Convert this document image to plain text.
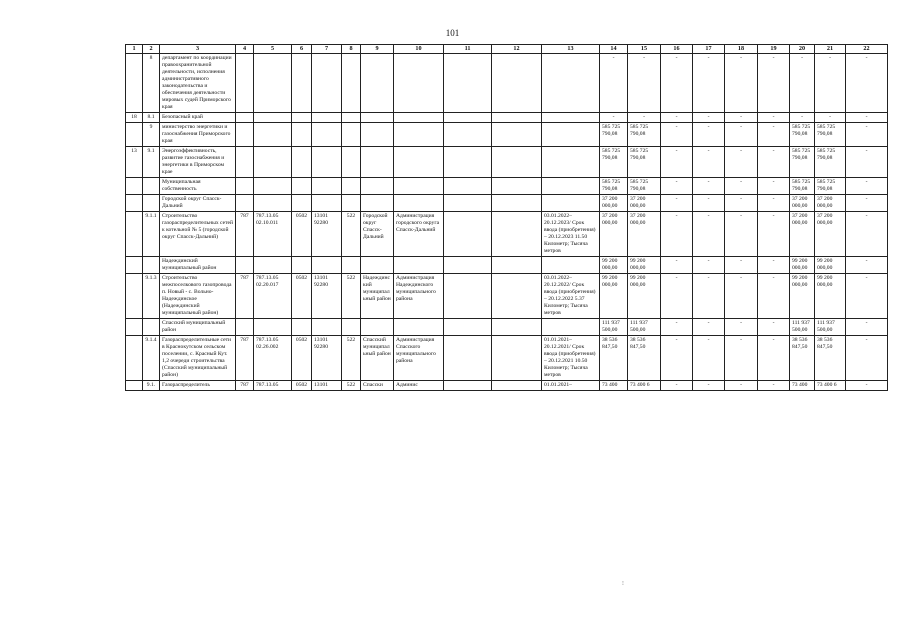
101
1	2	3	4	5	6	7	8	9	10	11	12	13	14	15	16	17	18	19	20	21	22
	8	департамент по координации правоохранительной деятельности, исполнения административного законодательства и обеспечения деятельности мировых судей Приморского края											-	-	-	-	-	-	-	-	-
18	8.1	Безопасный край											-	-	-	-	-	-	-	-	-
	9	министерство энергетики и газоснабжения Приморского края											585 725 790,08	585 725 790,08	-	-	-	-	585 725 790,08	585 725 790,08	-
13	9.1	Энергоэффективность, развитие газоснабжения и энергетики в Приморском крае											585 725 790,08	585 725 790,08	-	-	-	-	585 725 790,08	585 725 790,08	-
		Муниципальная собственность											585 725 790,08	585 725 790,08	-	-	-	-	585 725 790,08	585 725 790,08	-
		Городской округ Спасск-Дальний											37 200 000,00	37 200 000,00	-	-	-	-	37 200 000,00	37 200 000,00	-
	9.1.1	Строительство газораспределительных сетей к котельной № 5 (городской округ Спасск-Дальний)	787	787.13.05 02.10.011	0502	13101 92280	522	Городской округ Спасск-Дальний	Администрация городского округа Спасск-Дальний			03.01.2022–20.12.2023/ Срок ввода (приобретения) – 20.12.2023 11.50 Километр; Тысяча метров	37 200 000,00	37 200 000,00	-	-	-	-	37 200 000,00	37 200 000,00	-
		Надеждинский муниципальный район											99 200 000,00	99 200 000,00	-	-	-	-	99 200 000,00	99 200 000,00	-
	9.1.3	Строительство межпоселкового газопровода п. Новый - с. Вольно-Надеждинское (Надеждинский муниципальный район)	787	787.13.05 02.20.017	0502	13101 92280	522	Надеждинский муниципальный район	Администрация Надеждинского муниципального района			03.01.2022–20.12.2022/ Срок ввода (приобретения) – 20.12.2022 5.37 Километр; Тысяча метров	99 200 000,00	99 200 000,00	-	-	-	-	99 200 000,00	99 200 000,00	-
		Спасский муниципальный район											111 937 500,00	111 937 500,00	-	-	-	-	111 937 500,00	111 937 500,00	-
	9.1.4	Газораспределительные сети в Краснокутском сельском поселении, с. Красный Кут. 1,2 очереди строительства (Спасский муниципальный район)	787	787.13.05 02.26.002	0502	13101 92280	522	Спасский муниципальный район	Администрация Спасского муниципального района			01.01.2021–20.12.2021/ Срок ввода (приобретения) – 20.12.2021 10.50 Километр; Тысяча метров	38 536 847,50	38 536 847,50	-	-	-	-	38 536 847,50	38 536 847,50	-
	9.1.	Газораспределитель	787	787.13.05	0502	13101	522	Спасски	Админис			01.01.2021–	73 400	73 400 6	-	-	-	-	73 400	73 400 6	-
⁝
